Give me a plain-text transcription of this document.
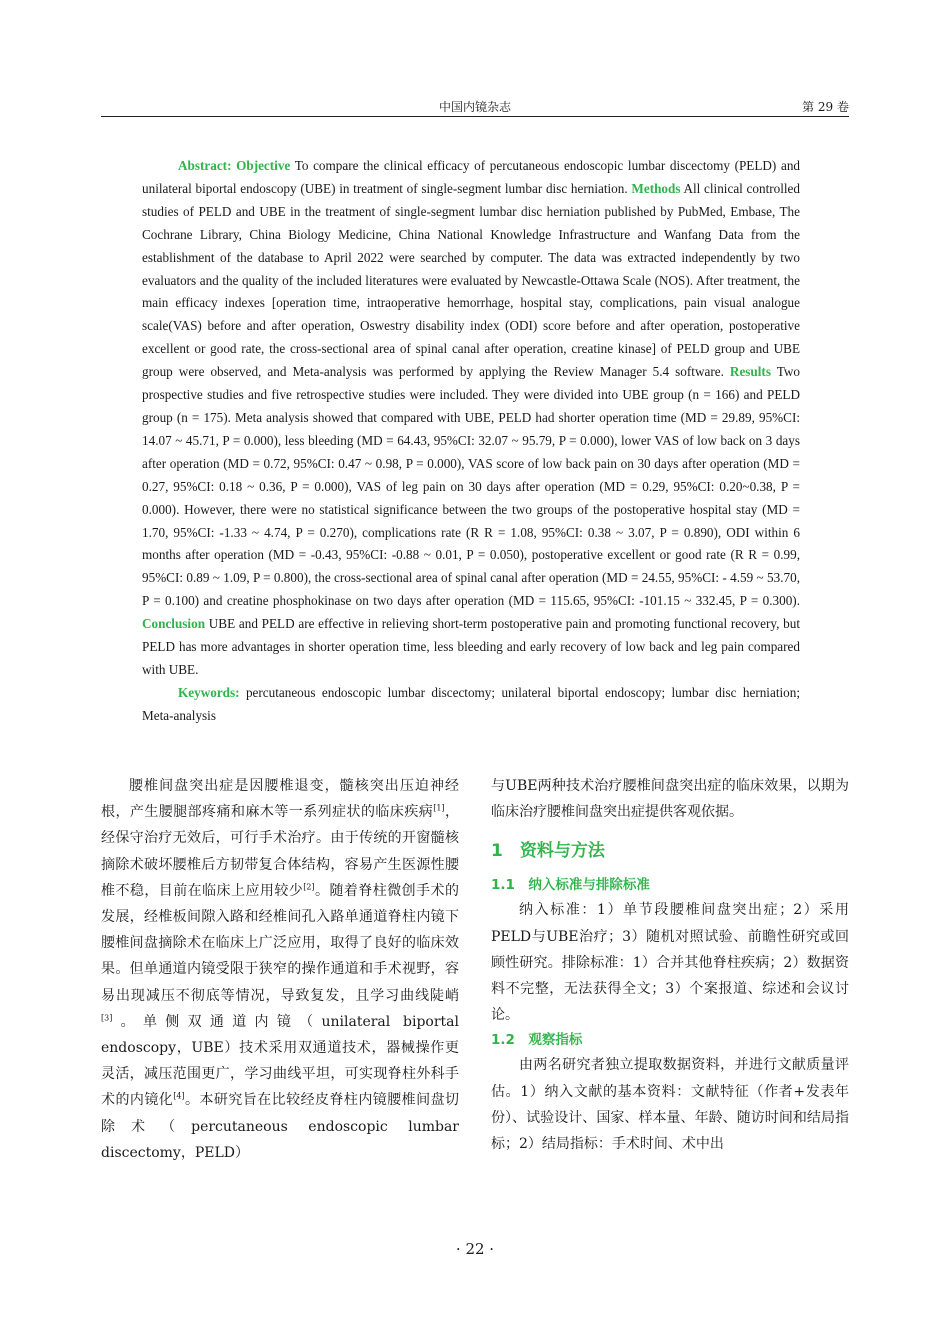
中国内镜杂志	第 29 卷

Abstract: Objective To compare the clinical efficacy of percutaneous endoscopic lumbar discectomy (PELD) and unilateral biportal endoscopy (UBE) in treatment of single-segment lumbar disc herniation. Methods All clinical controlled studies of PELD and UBE in the treatment of single-segment lumbar disc herniation published by PubMed, Embase, The Cochrane Library, China Biology Medicine, China National Knowledge Infrastructure and Wanfang Data from the establishment of the database to April 2022 were searched by computer. The data was extracted independently by two evaluators and the quality of the included literatures were evaluated by Newcastle-Ottawa Scale (NOS). After treatment, the main efficacy indexes [operation time, intraoperative hemorrhage, hospital stay, complications, pain visual analogue scale(VAS) before and after operation, Oswestry disability index (ODI) score before and after operation, postoperative excellent or good rate, the cross-sectional area of spinal canal after operation, creatine kinase] of PELD group and UBE group were observed, and Meta-analysis was performed by applying the Review Manager 5.4 software. Results Two prospective studies and five retrospective studies were included. They were divided into UBE group (n = 166) and PELD group (n = 175). Meta analysis showed that compared with UBE, PELD had shorter operation time (MD = 29.89, 95%CI: 14.07 ~ 45.71, P = 0.000), less bleeding (MD = 64.43, 95%CI: 32.07 ~ 95.79, P = 0.000), lower VAS of low back on 3 days after operation (MD = 0.72, 95%CI: 0.47 ~ 0.98, P = 0.000), VAS score of low back pain on 30 days after operation (MD = 0.27, 95%CI: 0.18 ~ 0.36, P = 0.000), VAS of leg pain on 30 days after operation (MD = 0.29, 95%CI: 0.20~0.38, P = 0.000). However, there were no statistical significance between the two groups of the postoperative hospital stay (MD = 1.70, 95%CI: -1.33 ~ 4.74, P = 0.270), complications rate (R R = 1.08, 95%CI: 0.38 ~ 3.07, P = 0.890), ODI within 6 months after operation (MD = -0.43, 95%CI: -0.88 ~ 0.01, P = 0.050), postoperative excellent or good rate (R R = 0.99, 95%CI: 0.89 ~ 1.09, P = 0.800), the cross-sectional area of spinal canal after operation (MD = 24.55, 95%CI: - 4.59 ~ 53.70, P = 0.100) and creatine phosphokinase on two days after operation (MD = 115.65, 95%CI: -101.15 ~ 332.45, P = 0.300). Conclusion UBE and PELD are effective in relieving short-term postoperative pain and promoting functional recovery, but PELD has more advantages in shorter operation time, less bleeding and early recovery of low back and leg pain compared with UBE.

Keywords: percutaneous endoscopic lumbar discectomy; unilateral biportal endoscopy; lumbar disc herniation; Meta-analysis

腰椎间盘突出症是因腰椎退变，髓核突出压迫神经根，产生腰腿部疼痛和麻木等一系列症状的临床疾病[1]，经保守治疗无效后，可行手术治疗。由于传统的开窗髓核摘除术破坏腰椎后方韧带复合体结构，容易产生医源性腰椎不稳，目前在临床上应用较少[2]。随着脊柱微创手术的发展，经椎板间隙入路和经椎间孔入路单通道脊柱内镜下腰椎间盘摘除术在临床上广泛应用，取得了良好的临床效果。但单通道内镜受限于狭窄的操作通道和手术视野，容易出现减压不彻底等情况，导致复发，且学习曲线陡峭[3]。单侧双通道内镜（unilateral biportal endoscopy，UBE）技术采用双通道技术，器械操作更灵活，减压范围更广，学习曲线平坦，可实现脊柱外科手术的内镜化[4]。本研究旨在比较经皮脊柱内镜腰椎间盘切除术（percutaneous endoscopic lumbar discectomy，PELD）

与UBE两种技术治疗腰椎间盘突出症的临床效果，以期为临床治疗腰椎间盘突出症提供客观依据。

1　资料与方法

1.1　纳入标准与排除标准

纳入标准：1）单节段腰椎间盘突出症；2）采用PELD与UBE治疗；3）随机对照试验、前瞻性研究或回顾性研究。排除标准：1）合并其他脊柱疾病；2）数据资料不完整，无法获得全文；3）个案报道、综述和会议讨论。

1.2　观察指标

由两名研究者独立提取数据资料，并进行文献质量评估。1）纳入文献的基本资料：文献特征（作者+发表年份）、试验设计、国家、样本量、年龄、随访时间和结局指标；2）结局指标：手术时间、术中出

· 22 ·
